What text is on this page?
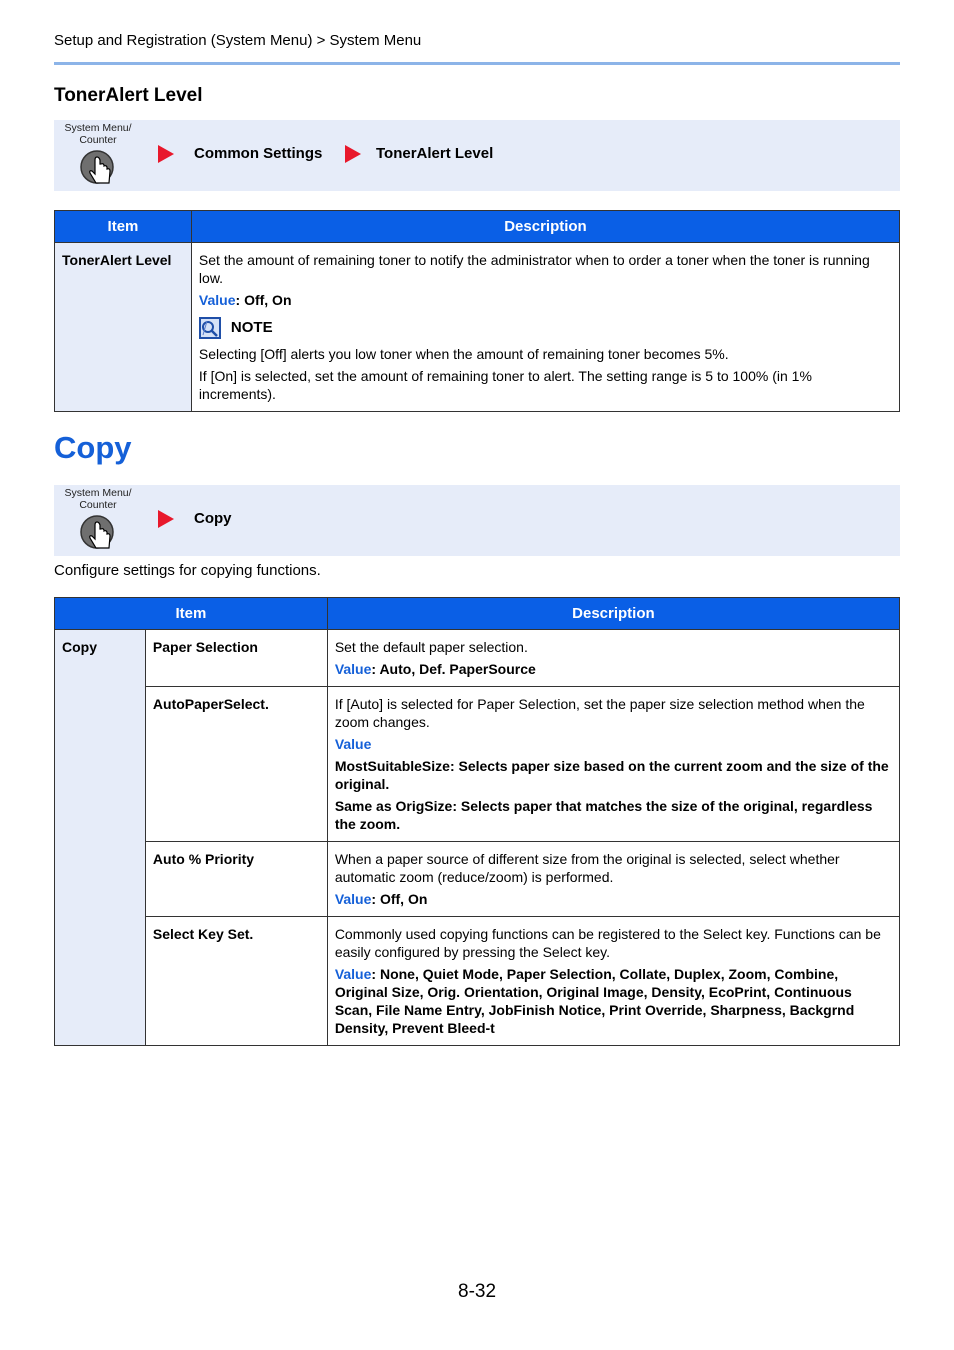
Setup and Registration (System Menu) > System Menu
TonerAlert Level
System Menu/
Counter
Common Settings	TonerAlert Level
Item	Description
TonerAlert Level	Set the amount of remaining toner to notify the administrator when to order a toner when the toner is running low.

Value: Off, On

NOTE

Selecting [Off] alerts you low toner when the amount of remaining toner becomes 5%.

If [On] is selected, set the amount of remaining toner to alert. The setting range is 5 to 100% (in 1% increments).

Copy
System Menu/
Counter
Copy
Configure settings for copying functions.
Item		Description
Copy	Paper Selection	Set the default paper selection.

Value: Auto, Def. PaperSource

	AutoPaperSelect.	If [Auto] is selected for Paper Selection, set the paper size selection method when the zoom changes.

Value

MostSuitableSize: Selects paper size based on the current zoom and the size of the original.

Same as OrigSize: Selects paper that matches the size of the original, regardless the zoom.

	Auto % Priority	When a paper source of different size from the original is selected, select whether automatic zoom (reduce/zoom) is performed.

Value: Off, On

	Select Key Set.	Commonly used copying functions can be registered to the Select key. Functions can be easily configured by pressing the Select key.

Value: None, Quiet Mode, Paper Selection, Collate, Duplex, Zoom, Combine, Original Size, Orig. Orientation, Original Image, Density, EcoPrint, Continuous Scan, File Name Entry, JobFinish Notice, Print Override, Sharpness, Backgrnd Density, Prevent Bleed-t

8-32
